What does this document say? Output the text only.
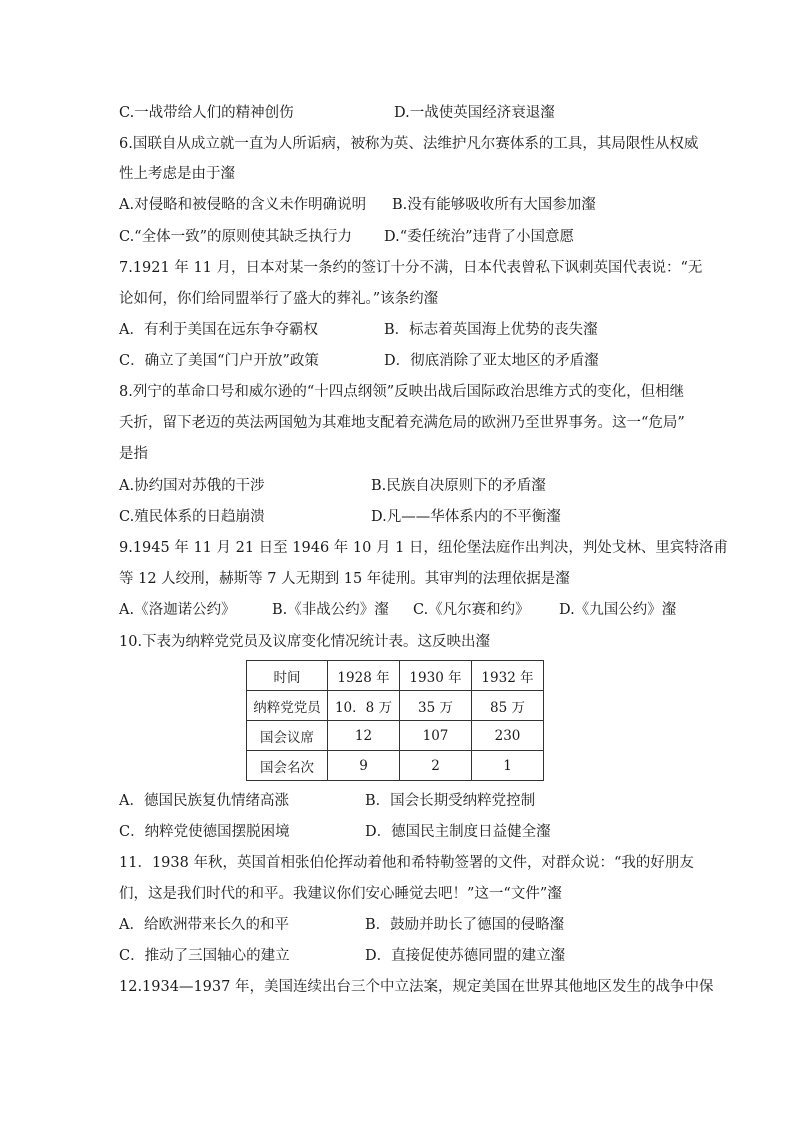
C.一战带给人们的精神创伤	D.一战使英国经济衰退瀣
6.国联自从成立就一直为人所诟病，被称为英、法维护凡尔赛体系的工具，其局限性从权威
性上考虑是由于瀣
A.对侵略和被侵略的含义未作明确说明 B.没有能够吸收所有大国参加瀣
C.“全体一致”的原则使其缺乏执行力 D.“委任统治”违背了小国意愿
7.1921 年 11 月，日本对某一条约的签订十分不满，日本代表曾私下讽刺英国代表说：“无
论如何，你们给同盟举行了盛大的葬礼。”该条约瀣
A．有利于美国在远东争夺霸权	B．标志着英国海上优势的丧失瀣
C．确立了美国“门户开放”政策	D．彻底消除了亚太地区的矛盾瀣
8.列宁的革命口号和威尔逊的“十四点纲领”反映出战后国际政治思维方式的变化，但相继
夭折，留下老迈的英法两国勉为其难地支配着充满危局的欧洲乃至世界事务。这一“危局”
是指
A.协约国对苏俄的干涉	B.民族自决原则下的矛盾瀣
C.殖民体系的日趋崩溃	D.凡——华体系内的不平衡瀣
9.1945 年 11 月 21 日至 1946 年 10 月 1 日，纽伦堡法庭作出判决，判处戈林、里宾特洛甫
等 12 人绞刑，赫斯等 7 人无期到 15 年徒刑。其审判的法理依据是瀣
A.《洛迦诺公约》	B.《非战公约》瀣 C.《凡尔赛和约》 D.《九国公约》瀣
10.下表为纳粹党党员及议席变化情况统计表。这反映出瀣
时间	1928 年	1930 年	1932 年
纳粹党党员	10．8 万	35 万	85 万
国会议席	12	107	230
国会名次	9	2	1
A．德国民族复仇情绪高涨	B．国会长期受纳粹党控制
C．纳粹党使德国摆脱困境	D．德国民主制度日益健全瀣
11．1938 年秋，英国首相张伯伦挥动着他和希特勒签署的文件，对群众说：“我的好朋友
们，这是我们时代的和平。我建议你们安心睡觉去吧！”这一“文件”瀣
A．给欧洲带来长久的和平	B．鼓励并助长了德国的侵略瀣
C．推动了三国轴心的建立	D．直接促使苏德同盟的建立瀣
12.1934—1937 年，美国连续出台三个中立法案，规定美国在世界其他地区发生的战争中保
